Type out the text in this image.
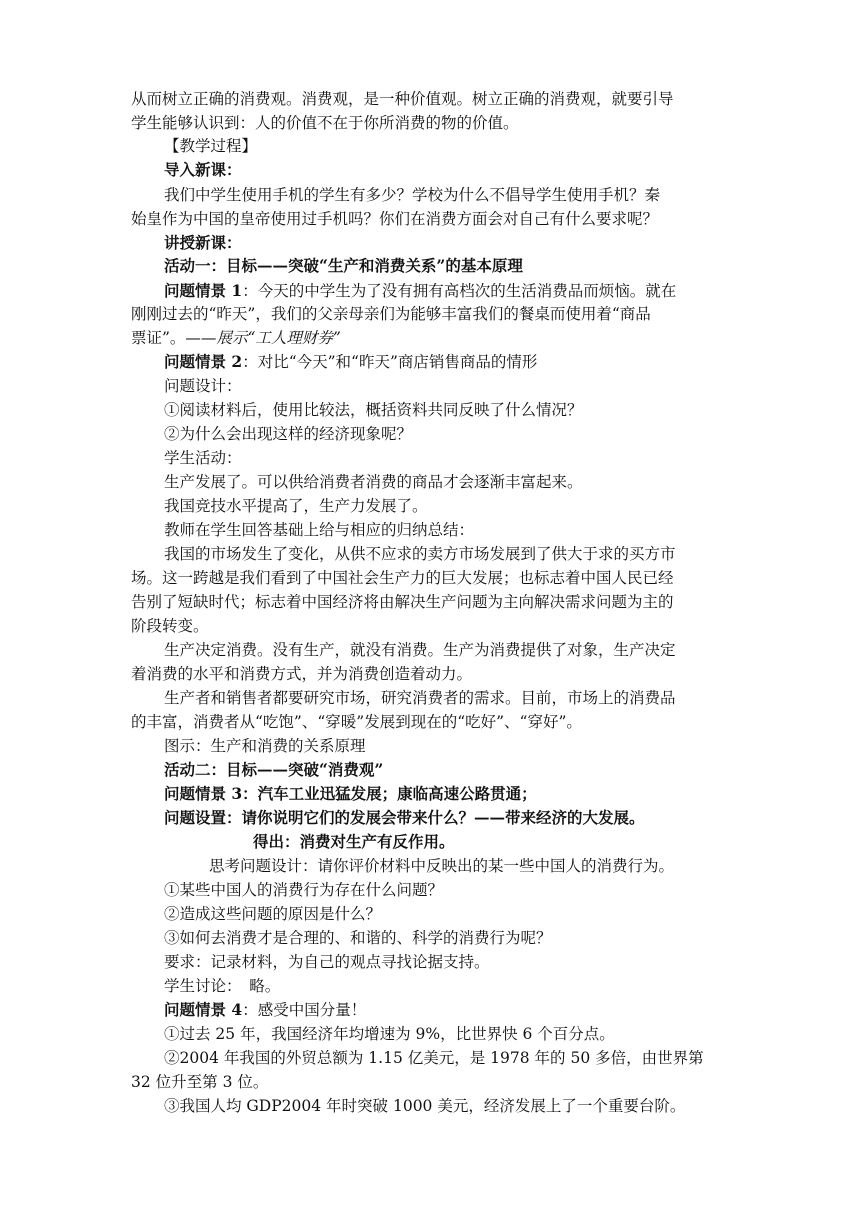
从而树立正确的消费观。消费观，是一种价值观。树立正确的消费观，就要引导
学生能够认识到：人的价值不在于你所消费的物的价值。
【教学过程】
导入新课：
我们中学生使用手机的学生有多少？学校为什么不倡导学生使用手机？秦
始皇作为中国的皇帝使用过手机吗？你们在消费方面会对自己有什么要求呢？
讲授新课：
活动一：目标——突破“生产和消费关系”的基本原理
问题情景 1：今天的中学生为了没有拥有高档次的生活消费品而烦恼。就在
刚刚过去的“昨天”，我们的父亲母亲们为能够丰富我们的餐桌而使用着“商品
票证”。——展示“工人理财券”
问题情景 2：对比“今天”和“昨天”商店销售商品的情形
问题设计：
①阅读材料后，使用比较法，概括资料共同反映了什么情况？
②为什么会出现这样的经济现象呢？
学生活动：
生产发展了。可以供给消费者消费的商品才会逐渐丰富起来。
我国竞技水平提高了，生产力发展了。
教师在学生回答基础上给与相应的归纳总结：
我国的市场发生了变化，从供不应求的卖方市场发展到了供大于求的买方市
场。这一跨越是我们看到了中国社会生产力的巨大发展；也标志着中国人民已经
告别了短缺时代；标志着中国经济将由解决生产问题为主向解决需求问题为主的
阶段转变。
生产决定消费。没有生产，就没有消费。生产为消费提供了对象，生产决定
着消费的水平和消费方式，并为消费创造着动力。
生产者和销售者都要研究市场，研究消费者的需求。目前，市场上的消费品
的丰富，消费者从“吃饱”、“穿暖”发展到现在的“吃好”、“穿好”。
图示：生产和消费的关系原理
活动二：目标——突破“消费观”
问题情景 3：汽车工业迅猛发展；康临高速公路贯通；
问题设置：请你说明它们的发展会带来什么？——带来经济的大发展。
得出：消费对生产有反作用。
思考问题设计：请你评价材料中反映出的某一些中国人的消费行为。
①某些中国人的消费行为存在什么问题？
②造成这些问题的原因是什么？
③如何去消费才是合理的、和谐的、科学的消费行为呢？
要求：记录材料，为自己的观点寻找论据支持。
学生讨论：　略。
问题情景 4：感受中国分量！
①过去 25 年，我国经济年均增速为 9%，比世界快 6 个百分点。
②2004 年我国的外贸总额为 1.15 亿美元，是 1978 年的 50 多倍，由世界第
32 位升至第 3 位。
③我国人均 GDP2004 年时突破 1000 美元，经济发展上了一个重要台阶。
